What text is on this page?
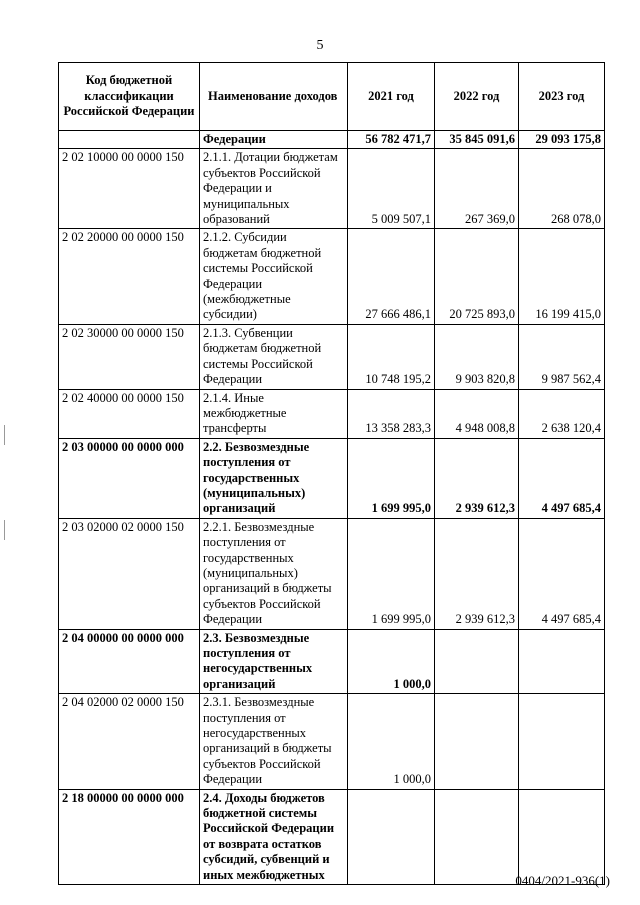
5
Код бюджетной классификации Российской Федерации	Наименование доходов	2021 год	2022 год	2023 год
	Федерации	56 782 471,7	35 845 091,6	29 093 175,8
2 02 10000 00 0000 150	2.1.1. Дотации бюджетам субъектов Российской Федерации и муниципальных образований	5 009 507,1	267 369,0	268 078,0
2 02 20000 00 0000 150	2.1.2. Субсидии бюджетам бюджетной системы Российской Федерации (межбюджетные субсидии)	27 666 486,1	20 725 893,0	16 199 415,0
2 02 30000 00 0000 150	2.1.3. Субвенции бюджетам бюджетной системы Российской Федерации	10 748 195,2	9 903 820,8	9 987 562,4
2 02 40000 00 0000 150	2.1.4. Иные межбюджетные трансферты	13 358 283,3	4 948 008,8	2 638 120,4
2 03 00000 00 0000 000	2.2. Безвозмездные поступления от государственных (муниципальных) организаций	1 699 995,0	2 939 612,3	4 497 685,4
2 03 02000 02 0000 150	2.2.1. Безвозмездные поступления от государственных (муниципальных) организаций в бюджеты субъектов Российской Федерации	1 699 995,0	2 939 612,3	4 497 685,4
2 04 00000 00 0000 000	2.3. Безвозмездные поступления от негосударственных организаций	1 000,0		
2 04 02000 02 0000 150	2.3.1. Безвозмездные поступления от негосударственных организаций в бюджеты субъектов Российской Федерации	1 000,0		
2 18 00000 00 0000 000	2.4. Доходы бюджетов бюджетной системы Российской Федерации от возврата остатков субсидий, субвенций и иных межбюджетных				0404/2021-936(1)
